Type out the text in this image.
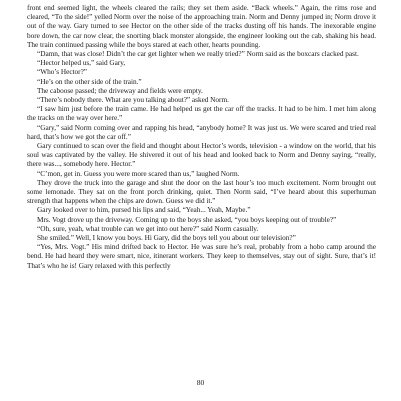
front end seemed light, the wheels cleared the rails; they set them aside. “Back wheels.” Again, the rims rose and cleared, “To the side!” yelled Norm over the noise of the approaching train. Norm and Denny jumped in; Norm drove it out of the way. Gary turned to see Hector on the other side of the tracks dusting off his hands. The inexorable engine bore down, the car now clear, the snorting black monster alongside, the engineer looking out the cab, shaking his head. The train continued passing while the boys stared at each other, hearts pounding.

“Damn, that was close! Didn’t the car get lighter when we really tried?” Norm said as the boxcars clacked past.

“Hector helped us,” said Gary,

“Who’s Hector?”

“He’s on the other side of the train.”

The caboose passed; the driveway and fields were empty.

“There’s nobody there. What are you talking about?” asked Norm.

“I saw him just before the train came. He had helped us get the car off the tracks. It had to be him. I met him along the tracks on the way over here.”

“Gary,” said Norm coming over and rapping his head, “anybody home? It was just us. We were scared and tried real hard, that’s how we got the car off.”

Gary continued to scan over the field and thought about Hector’s words, television - a window on the world, that his soul was captivated by the valley. He shivered it out of his head and looked back to Norm and Denny saying, “really, there was..., somebody here. Hector.”

“C’mon, get in. Guess you were more scared than us,” laughed Norm.

They drove the truck into the garage and shut the door on the last hour’s too much excitement. Norm brought out some lemonade. They sat on the front porch drinking, quiet. Then Norm said, “I’ve heard about this superhuman strength that happens when the chips are down. Guess we did it.”

Gary looked over to him, pursed his lips and said, “Yeah... Yeah, Maybe.”

Mrs. Vogt drove up the driveway. Coming up to the boys she asked, “you boys keeping out of trouble?”

“Oh, sure, yeah, what trouble can we get into out here?” said Norm casually.

She smiled.” Well, I know you boys. Hi Gary, did the boys tell you about our television?”

“Yes, Mrs. Vogt.” His mind drifted back to Hector. He was sure he’s real, probably from a hobo camp around the bend. He had heard they were smart, nice, itinerant workers. They keep to themselves, stay out of sight. Sure, that’s it! That’s who he is! Gary relaxed with this perfectly

80
